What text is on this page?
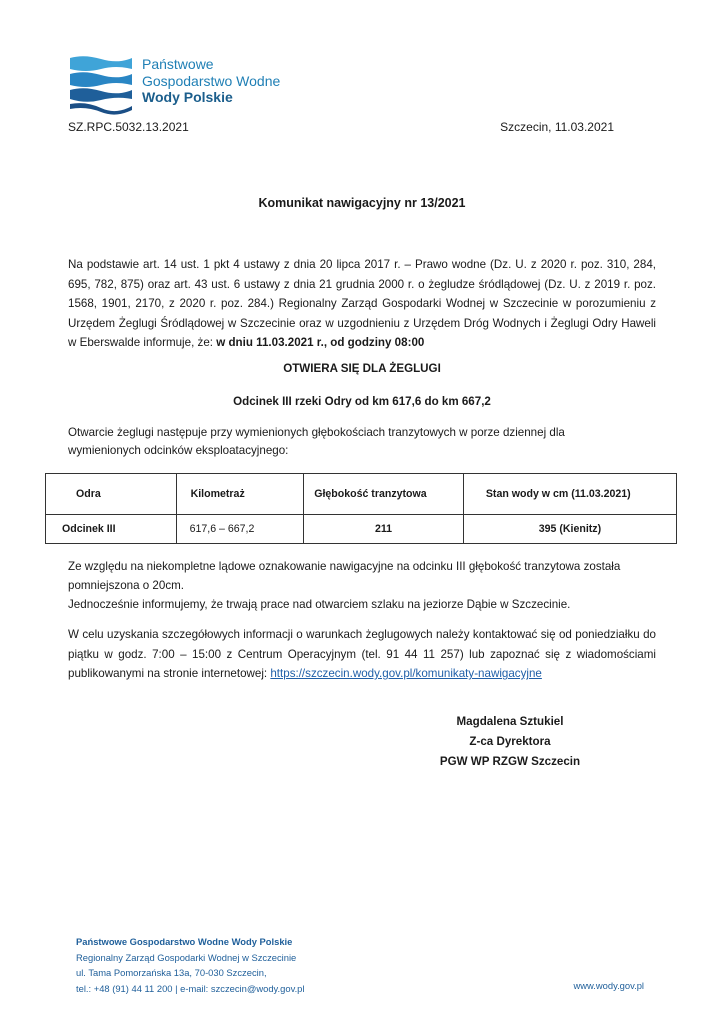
Państwowe
Gospodarstwo Wodne
Wody Polskie
SZ.RPC.5032.13.2021	Szczecin, 11.03.2021
Komunikat nawigacyjny nr 13/2021
Na podstawie art. 14 ust. 1 pkt 4 ustawy z dnia 20 lipca 2017 r. – Prawo wodne (Dz. U. z 2020 r. poz. 310, 284, 695, 782, 875) oraz art. 43 ust. 6 ustawy z dnia 21 grudnia 2000 r. o żegludze śródlądowej (Dz. U. z 2019 r. poz. 1568, 1901, 2170, z 2020 r. poz. 284.) Regionalny Zarząd Gospodarki Wodnej w Szczecinie w porozumieniu z Urzędem Żeglugi Śródlądowej w Szczecinie oraz w uzgodnieniu z Urzędem Dróg Wodnych i Żeglugi Odry Haweli w Eberswalde informuje, że: w dniu 11.03.2021 r., od godziny 08:00
OTWIERA SIĘ DLA ŻEGLUGI
Odcinek III rzeki Odry od km 617,6 do km 667,2
Otwarcie żeglugi następuje przy wymienionych głębokościach tranzytowych w porze dziennej dla wymienionych odcinków eksploatacyjnego:
Odra	Kilometraż	Głębokość tranzytowa	Stan wody w cm (11.03.2021)
Odcinek III	617,6 – 667,2	211	395 (Kienitz)
Ze względu na niekompletne lądowe oznakowanie nawigacyjne na odcinku III głębokość tranzytowa została pomniejszona o 20cm.
Jednocześnie informujemy, że trwają prace nad otwarciem szlaku na jeziorze Dąbie w Szczecinie.
W celu uzyskania szczegółowych informacji o warunkach żeglugowych należy kontaktować się od poniedziałku do piątku w godz. 7:00 – 15:00 z Centrum Operacyjnym (tel. 91 44 11 257) lub zapoznać się z wiadomościami publikowanymi na stronie internetowej: https://szczecin.wody.gov.pl/komunikaty-nawigacyjne
Magdalena Sztukiel
Z-ca Dyrektora
PGW WP RZGW Szczecin
Państwowe Gospodarstwo Wodne Wody Polskie
Regionalny Zarząd Gospodarki Wodnej w Szczecinie
ul. Tama Pomorzańska 13a, 70-030 Szczecin,
tel.: +48 (91) 44 11 200 | e-mail: szczecin@wody.gov.pl	www.wody.gov.pl
